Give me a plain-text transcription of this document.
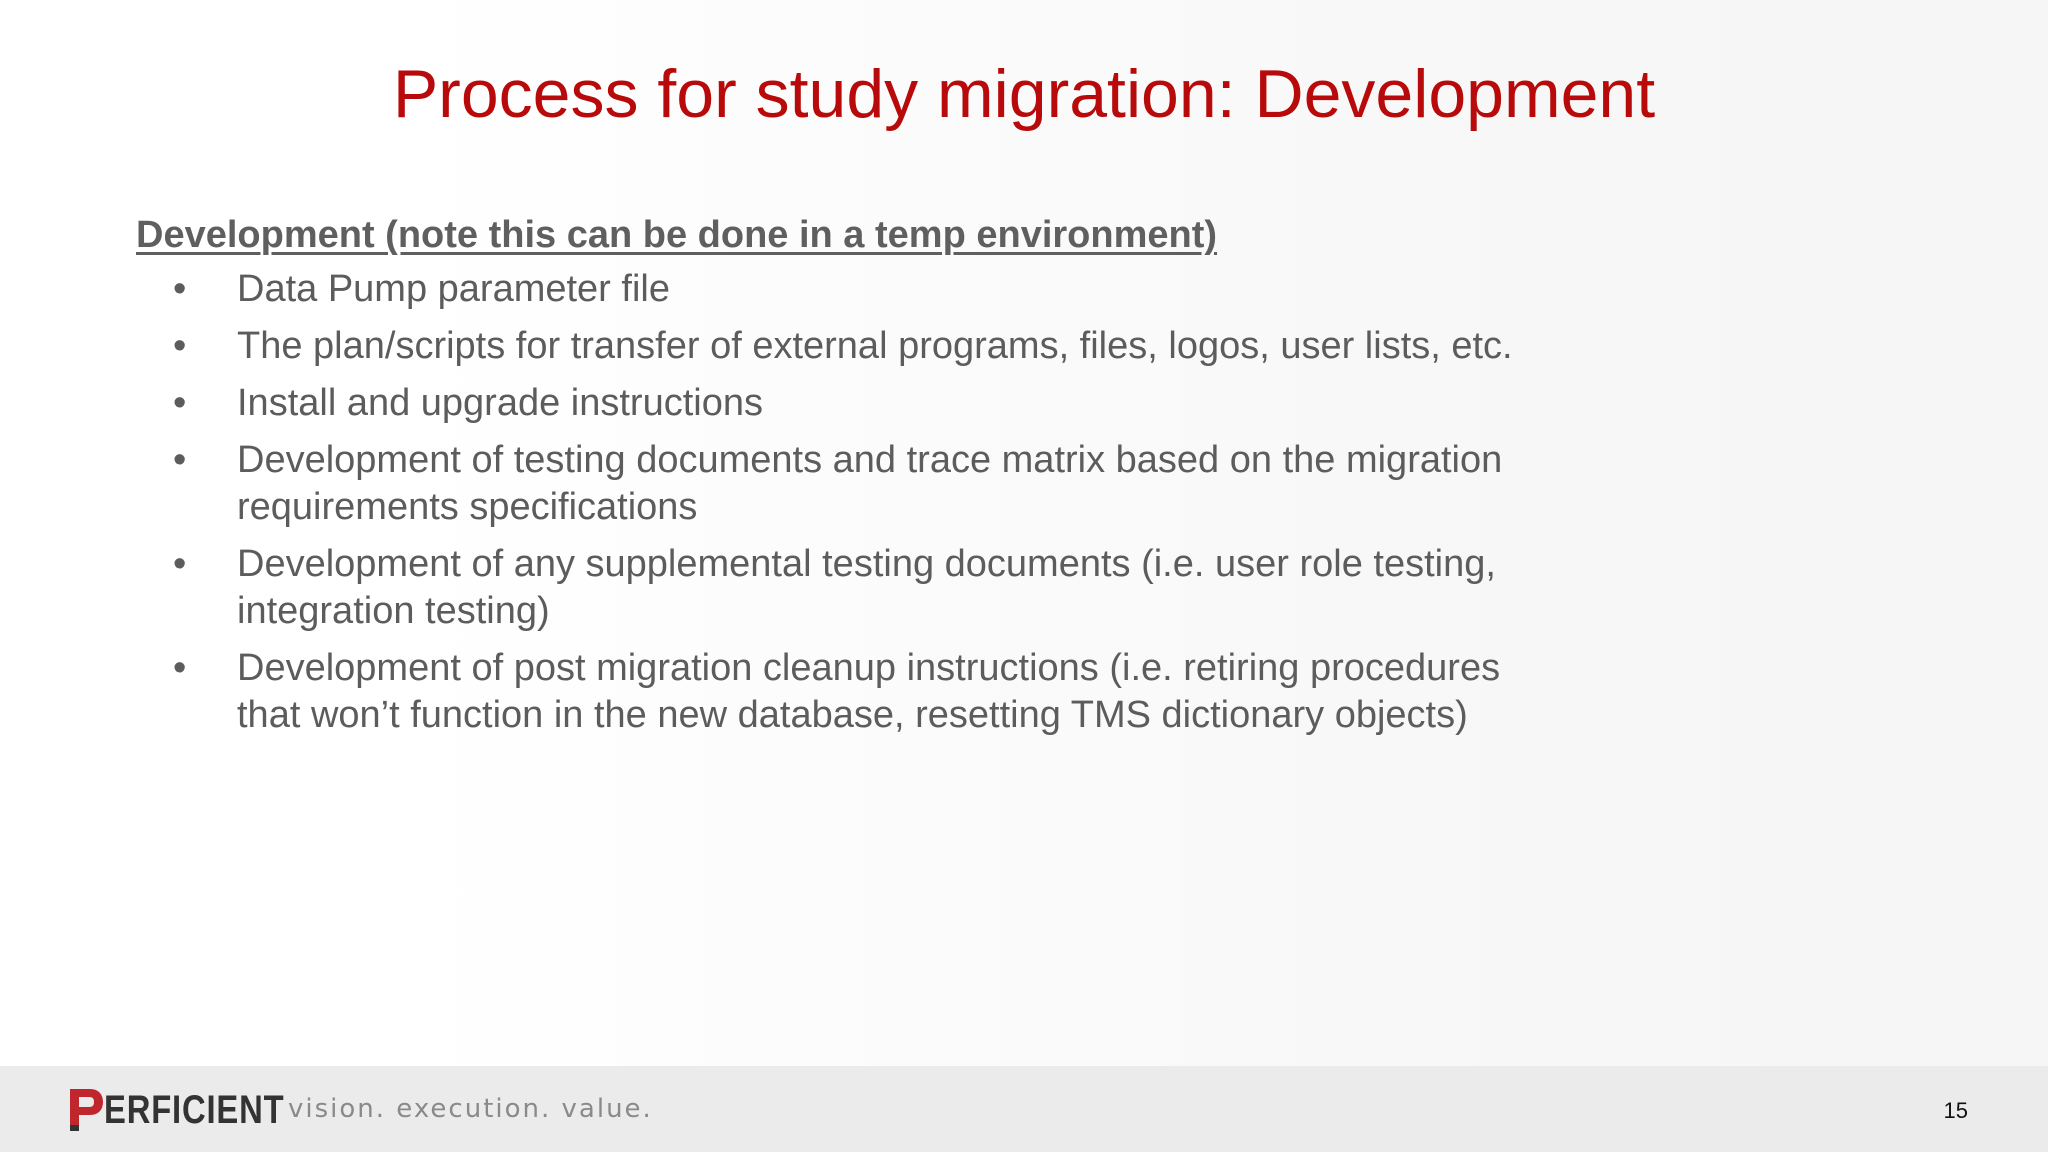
Process for study migration: Development
Development (note this can be done in a temp environment)
• Data Pump parameter file
• The plan/scripts for transfer of external programs, files, logos, user lists, etc.
• Install and upgrade instructions
• Development of testing documents and trace matrix based on the migration
requirements specifications
• Development of any supplemental testing documents (i.e. user role testing,
integration testing)
• Development of post migration cleanup instructions (i.e. retiring procedures
that won’t function in the new database, resetting TMS dictionary objects)
ERFICIENT vision. execution. value.	15
